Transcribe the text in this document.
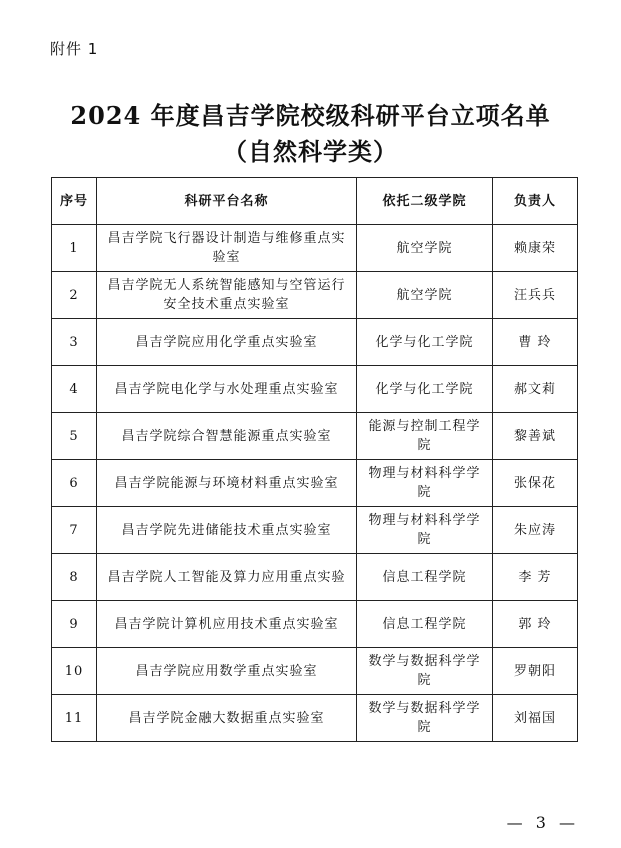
附件 1
2024 年度昌吉学院校级科研平台立项名单
（自然科学类）
序号	科研平台名称	依托二级学院	负责人
1	昌吉学院飞行器设计制造与维修重点实验室	航空学院	赖康荣
2	昌吉学院无人系统智能感知与空管运行安全技术重点实验室	航空学院	汪兵兵
3	昌吉学院应用化学重点实验室	化学与化工学院	曹 玲
4	昌吉学院电化学与水处理重点实验室	化学与化工学院	郝文莉
5	昌吉学院综合智慧能源重点实验室	能源与控制工程学院	黎善斌
6	昌吉学院能源与环境材料重点实验室	物理与材料科学学院	张保花
7	昌吉学院先进储能技术重点实验室	物理与材料科学学院	朱应涛
8	昌吉学院人工智能及算力应用重点实验	信息工程学院	李 芳
9	昌吉学院计算机应用技术重点实验室	信息工程学院	郭 玲
10	昌吉学院应用数学重点实验室	数学与数据科学学院	罗朝阳
11	昌吉学院金融大数据重点实验室	数学与数据科学学院	刘福国
— 3 —
